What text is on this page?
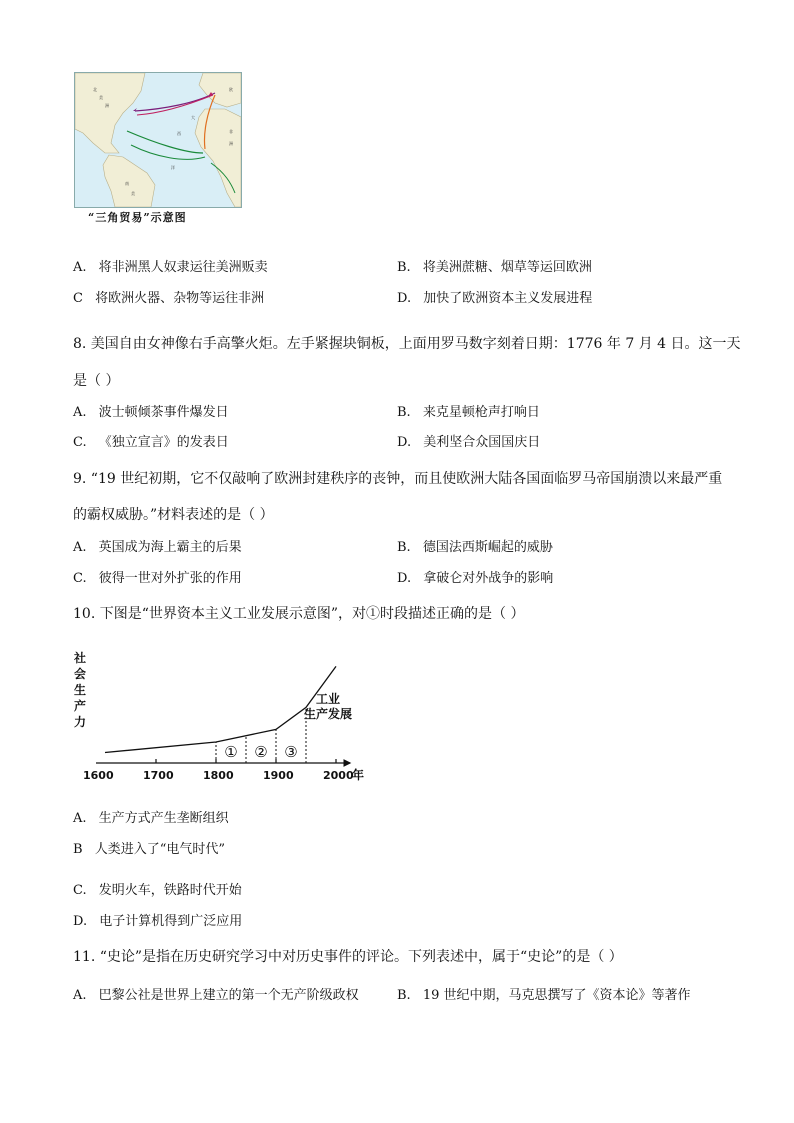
北
美
洲
大
西
洋
欧
非
洲
南
美
“三角贸易”示意图
A. 将非洲黑人奴隶运往美洲贩卖	B. 将美洲蔗糖、烟草等运回欧洲
C 将欧洲火器、杂物等运往非洲	D. 加快了欧洲资本主义发展进程
8. 美国自由女神像右手高擎火炬。左手紧握块铜板，上面用罗马数字刻着日期：1776 年 7 月 4 日。这一天
是（ ）
A. 波士顿倾茶事件爆发日	B. 来克星顿枪声打响日
C. 《独立宣言》的发表日	D. 美利坚合众国国庆日
9. “19 世纪初期，它不仅敲响了欧洲封建秩序的丧钟，而且使欧洲大陆各国面临罗马帝国崩溃以来最严重
的霸权威胁。”材料表述的是（ ）
A. 英国成为海上霸主的后果	B. 德国法西斯崛起的威胁
C. 彼得一世对外扩张的作用	D. 拿破仑对外战争的影响
10. 下图是“世界资本主义工业发展示意图”，对①时段描述正确的是（ ）
社
会
生
产
力
年
1600	1700	1800	1900	2000
① ② ③
工业
生产发展
A. 生产方式产生垄断组织
B 人类进入了“电气时代”
C. 发明火车，铁路时代开始
D. 电子计算机得到广泛应用
11. “史论”是指在历史研究学习中对历史事件的评论。下列表述中，属于“史论”的是（ ）
A. 巴黎公社是世界上建立的第一个无产阶级政权	B. 19 世纪中期，马克思撰写了《资本论》等著作
